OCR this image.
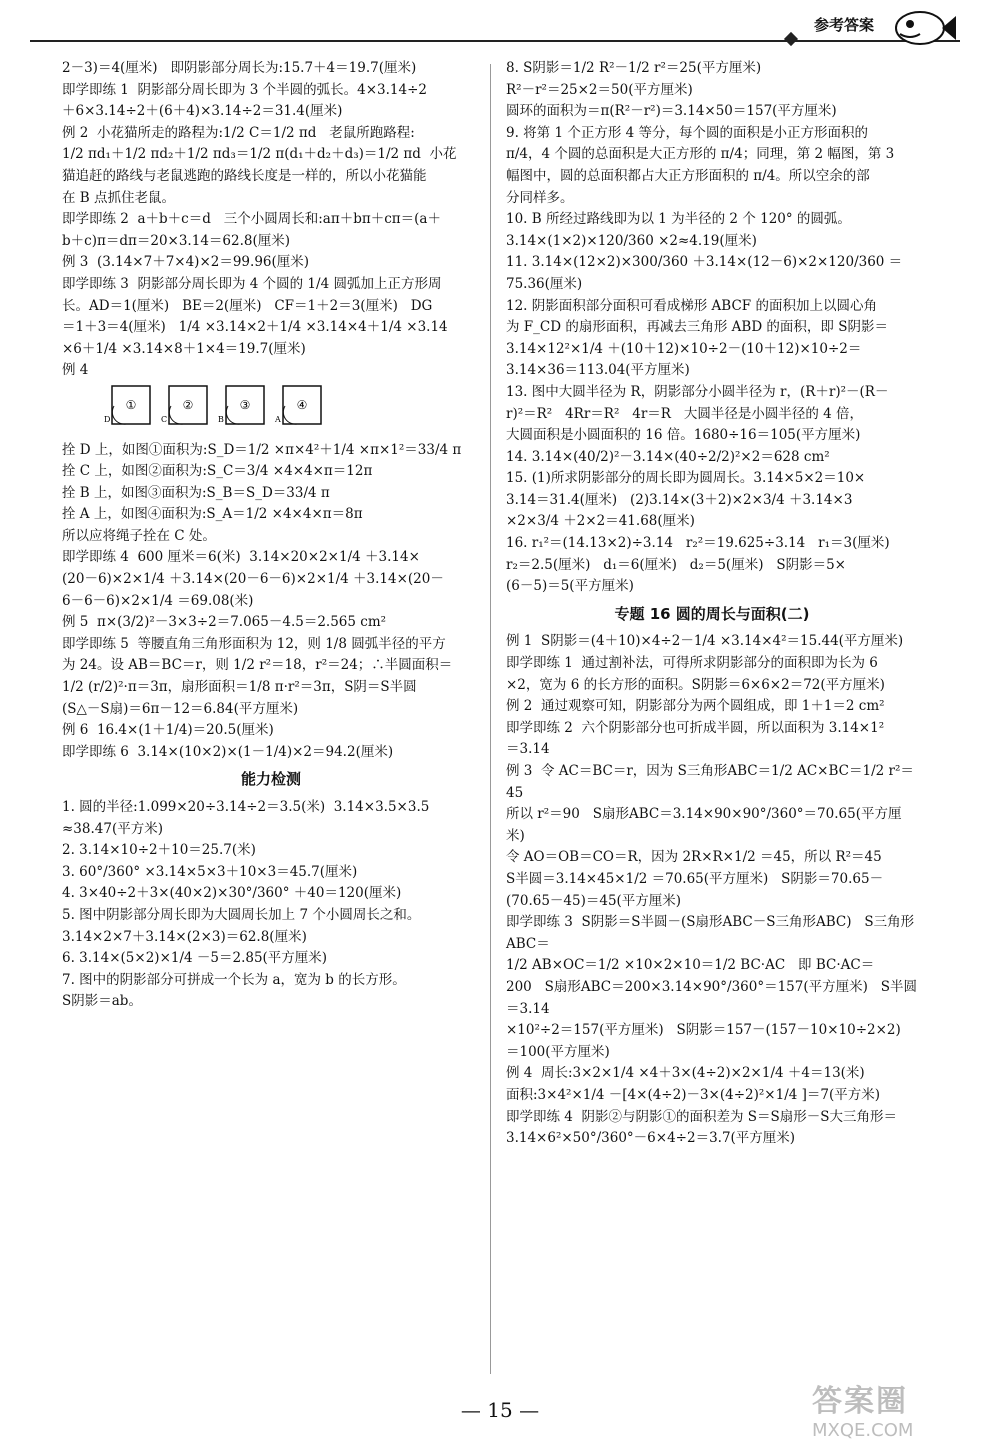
参考答案
2－3)＝4(厘米)   即阴影部分周长为:15.7＋4＝19.7(厘米)
即学即练 1  阴影部分周长即为 3 个半圆的弧长。4×3.14÷2
＋6×3.14÷2＋(6＋4)×3.14÷2＝31.4(厘米)
例 2  小花猫所走的路程为:1/2 C＝1/2 πd   老鼠所跑路程:
1/2 πd₁＋1/2 πd₂＋1/2 πd₃＝1/2 π(d₁＋d₂＋d₃)＝1/2 πd  小花
猫追赶的路线与老鼠逃跑的路线长度是一样的，所以小花猫能
在 B 点抓住老鼠。
即学即练 2  a＋b＋c＝d   三个小圆周长和:aπ＋bπ＋cπ＝(a＋
b＋c)π＝dπ＝20×3.14＝62.8(厘米)
例 3  (3.14×7＋7×4)×2＝99.96(厘米)
即学即练 3  阴影部分周长即为 4 个圆的 1/4 圆弧加上正方形周
长。AD＝1(厘米)   BE＝2(厘米)   CF＝1＋2＝3(厘米)   DG
＝1＋3＝4(厘米)   1/4 ×3.14×2＋1/4 ×3.14×4＋1/4 ×3.14
×6＋1/4 ×3.14×8＋1×4＝19.7(厘米)
例 4
①
D
②
C
③
B
④
A
拴 D 上，如图①面积为:S_D＝1/2 ×π×4²＋1/4 ×π×1²＝33/4 π
拴 C 上，如图②面积为:S_C＝3/4 ×4×4×π＝12π
拴 B 上，如图③面积为:S_B＝S_D＝33/4 π
拴 A 上，如图④面积为:S_A＝1/2 ×4×4×π＝8π
所以应将绳子拴在 C 处。
即学即练 4  600 厘米＝6(米)  3.14×20×2×1/4 ＋3.14×
(20－6)×2×1/4 ＋3.14×(20－6－6)×2×1/4 ＋3.14×(20－
6－6－6)×2×1/4 ＝69.08(米)
例 5  π×(3/2)²－3×3÷2＝7.065－4.5＝2.565 cm²
即学即练 5  等腰直角三角形面积为 12，则 1/8 圆弧半径的平方
为 24。设 AB＝BC＝r，则 1/2 r²＝18，r²＝24；∴半圆面积＝
1/2 (r/2)²·π＝3π，扇形面积＝1/8 π·r²＝3π，S阴＝S半圆
(S△－S扇)＝6π－12＝6.84(平方厘米)
例 6  16.4×(1＋1/4)＝20.5(厘米)
即学即练 6  3.14×(10×2)×(1－1/4)×2＝94.2(厘米)
能力检测
1. 圆的半径:1.099×20÷3.14÷2＝3.5(米)  3.14×3.5×3.5
≈38.47(平方米)
2. 3.14×10÷2＋10＝25.7(米)
3. 60°/360° ×3.14×5×3＋10×3＝45.7(厘米)
4. 3×40÷2＋3×(40×2)×30°/360° ＋40＝120(厘米)
5. 图中阴影部分周长即为大圆周长加上 7 个小圆周长之和。
3.14×2×7＋3.14×(2×3)＝62.8(厘米)
6. 3.14×(5×2)×1/4 －5＝2.85(平方厘米)
7. 图中的阴影部分可拼成一个长为 a，宽为 b 的长方形。
S阴影＝ab。
8. S阴影＝1/2 R²－1/2 r²＝25(平方厘米)
R²－r²＝25×2＝50(平方厘米)
圆环的面积为＝π(R²－r²)＝3.14×50＝157(平方厘米)
9. 将第 1 个正方形 4 等分，每个圆的面积是小正方形面积的
π/4，4 个圆的总面积是大正方形的 π/4；同理，第 2 幅图，第 3
幅图中，圆的总面积都占大正方形面积的 π/4。所以空余的部
分同样多。
10. B 所经过路线即为以 1 为半径的 2 个 120° 的圆弧。
3.14×(1×2)×120/360 ×2≈4.19(厘米)
11. 3.14×(12×2)×300/360 ＋3.14×(12－6)×2×120/360 ＝75.36(厘米)
12. 阴影面积部分面积可看成梯形 ABCF 的面积加上以圆心角
为 F_CD 的扇形面积，再减去三角形 ABD 的面积，即 S阴影＝
3.14×12²×1/4 ＋(10＋12)×10÷2－(10＋12)×10÷2＝
3.14×36＝113.04(平方厘米)
13. 图中大圆半径为 R，阴影部分小圆半径为 r，(R＋r)²－(R－
r)²＝R²   4Rr＝R²   4r＝R   大圆半径是小圆半径的 4 倍，
大圆面积是小圆面积的 16 倍。1680÷16＝105(平方厘米)
14. 3.14×(40/2)²－3.14×(40÷2/2)²×2＝628 cm²
15. (1)所求阴影部分的周长即为圆周长。3.14×5×2＝10×
3.14＝31.4(厘米)   (2)3.14×(3＋2)×2×3/4 ＋3.14×3
×2×3/4 ＋2×2＝41.68(厘米)
16. r₁²＝(14.13×2)÷3.14   r₂²＝19.625÷3.14   r₁＝3(厘米)
r₂＝2.5(厘米)   d₁＝6(厘米)   d₂＝5(厘米)   S阴影＝5×
(6－5)＝5(平方厘米)
专题 16 圆的周长与面积(二)
例 1  S阴影＝(4＋10)×4÷2－1/4 ×3.14×4²＝15.44(平方厘米)
即学即练 1  通过割补法，可得所求阴影部分的面积即为长为 6
×2，宽为 6 的长方形的面积。S阴影＝6×6×2＝72(平方厘米)
例 2  通过观察可知，阴影部分为两个圆组成，即 1＋1＝2 cm²
即学即练 2  六个阴影部分也可折成半圆，所以面积为 3.14×1²
＝3.14
例 3  令 AC＝BC＝r，因为 S三角形ABC＝1/2 AC×BC＝1/2 r²＝45
所以 r²＝90   S扇形ABC＝3.14×90×90°/360°＝70.65(平方厘米)
令 AO＝OB＝CO＝R，因为 2R×R×1/2 ＝45，所以 R²＝45
S半圆＝3.14×45×1/2 ＝70.65(平方厘米)   S阴影＝70.65－
(70.65－45)＝45(平方厘米)
即学即练 3  S阴影＝S半圆－(S扇形ABC－S三角形ABC)   S三角形ABC＝
1/2 AB×OC＝1/2 ×10×2×10＝1/2 BC·AC   即 BC·AC＝
200   S扇形ABC＝200×3.14×90°/360°＝157(平方厘米)   S半圆＝3.14
×10²÷2＝157(平方厘米)   S阴影＝157－(157－10×10÷2×2)
＝100(平方厘米)
例 4  周长:3×2×1/4 ×4＋3×(4÷2)×2×1/4 ＋4＝13(米)
面积:3×4²×1/4 －[4×(4÷2)－3×(4÷2)²×1/4 ]＝7(平方米)
即学即练 4  阴影②与阴影①的面积差为 S＝S扇形－S大三角形＝
3.14×6²×50°/360°－6×4÷2＝3.7(平方厘米)
— 15 —	答案圈
MXQE.COM
